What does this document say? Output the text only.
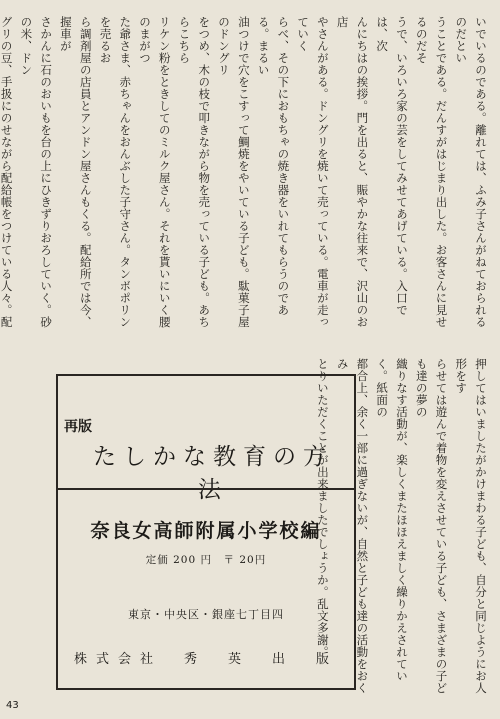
いでいるのである。離れては、ふみ子さんがねておられるのだとい
うことである。だんすがはじまり出した。お客さんに見せるのだそ
うで、いろいろ家の芸をしてみせてあげている。入口では、次
んにちはの挨拶。門を出ると、賑やかな往来で、沢山のお店
やさんがある。ドングリを焼いて売っている。電車が走っていく
らべ、その下におもちゃの焼き器をいれてもらうのである。まるい
油つけで穴をこすって鯛焼をやいている子ども。駄菓子屋のドングリ
をつめ、木の枝で叩きながら物を売っている子ども。あちらこちら
リケン粉をときしてのミルク屋さん。それを貰いにいく腰のまがつ
た爺さま、赤ちゃんをおんぶした子守さん。タンボポリンを売るお
ら調剤屋の店員とアンドン屋さんもくる。配給所では今、握車が
さかんに石のおいもを台の上にひきずりおろしていく。砂の米、ドン
グリの豆、手扱にのせながら配給帳をつけている人々。配
再版
たしかな教育の方法
奈良女高師附属小学校編
定価 200 円　〒 20円
東京・中央区・銀座七丁目四
株式会社　秀　英　出　版	押してはいましたがかけまわる子ども、自分と同じようにお人形をす
らせては遊んで着物を変えさせている子ども、さまざまの子ども達の夢の
織りなす活動が、楽しくまたほほえましく繰りかえされていく。紙面の
都合上、余く一部に過ぎないが、自然と子ども達の活動をおくみ
とりいただくことが出来ましたでしょうか。乱文多謝。
43
